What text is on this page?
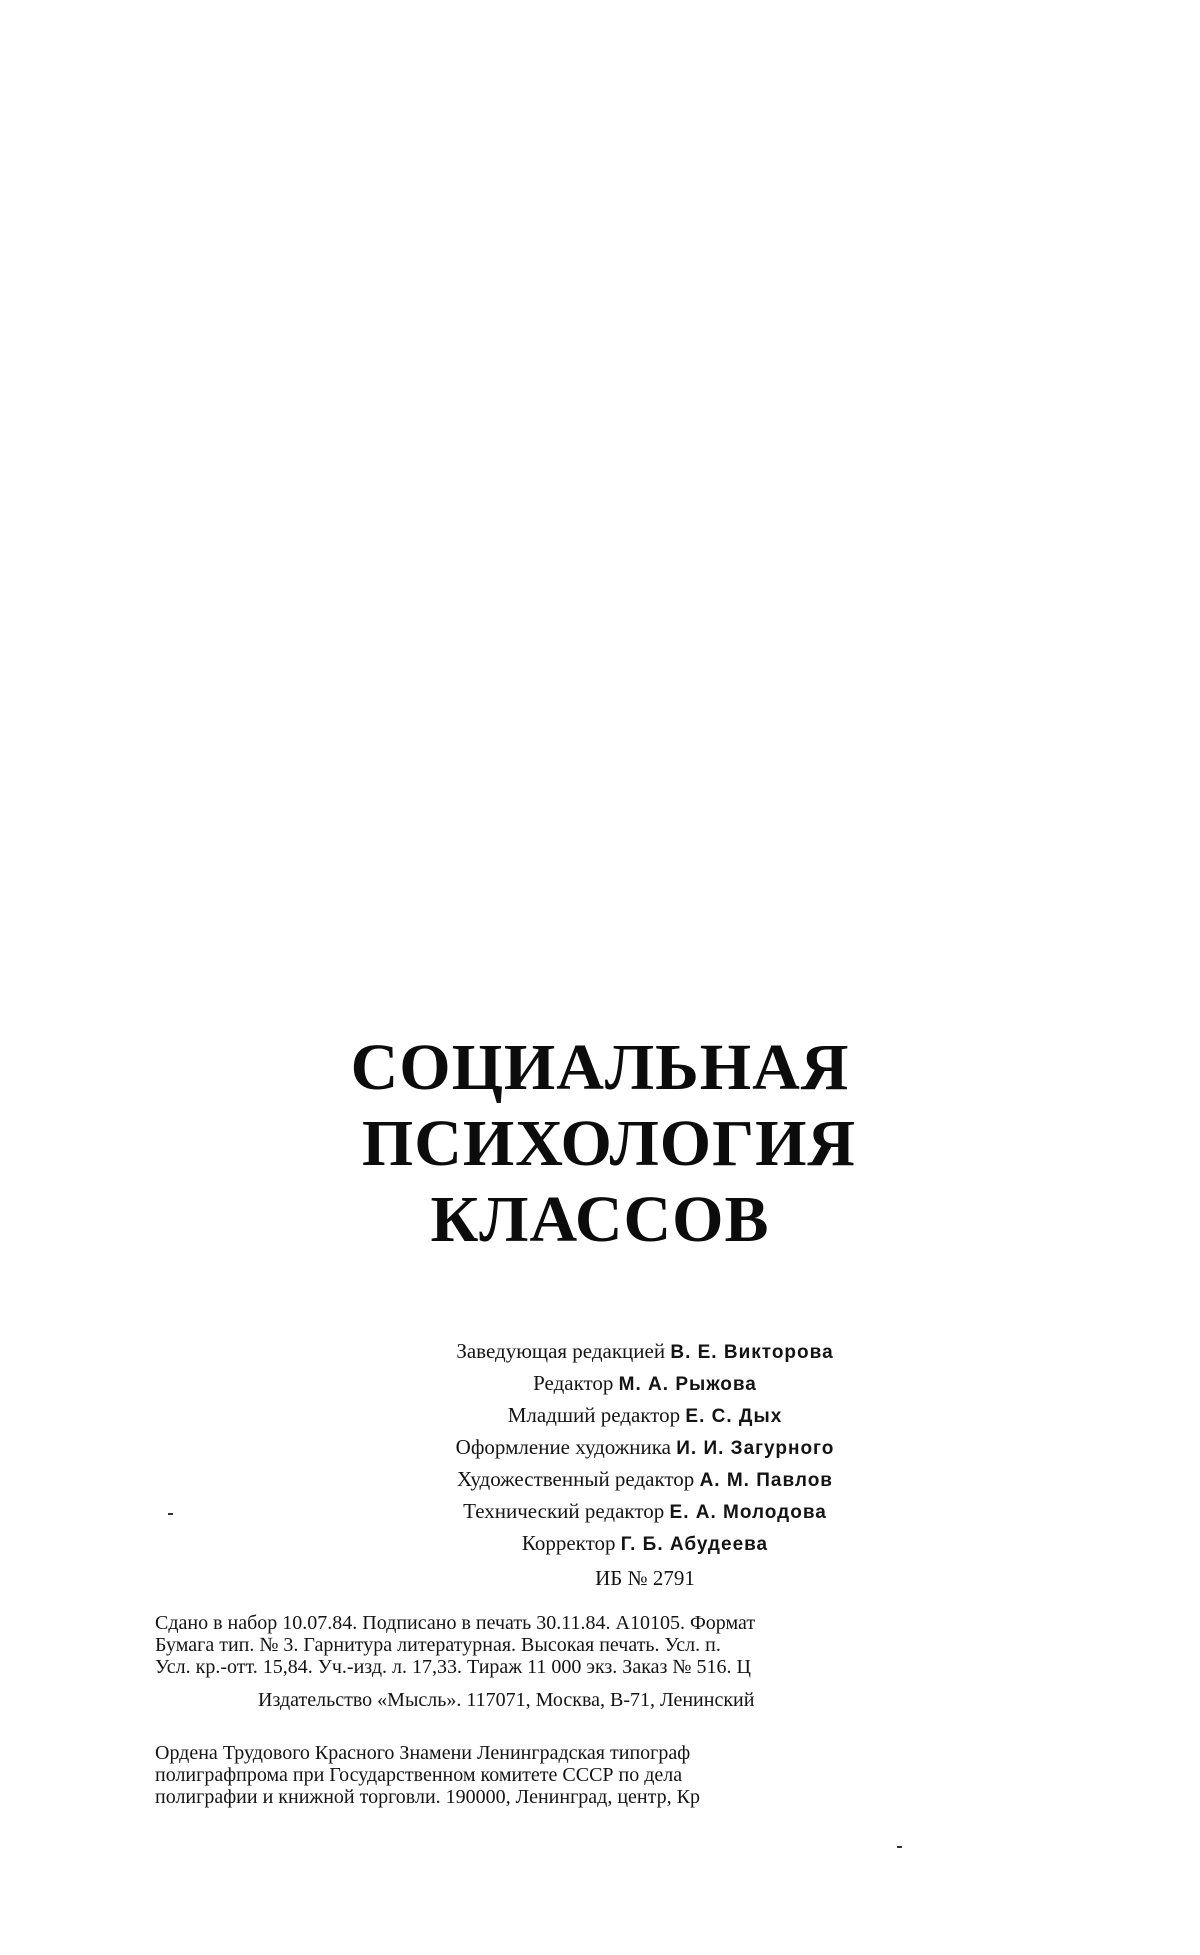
СОЦИАЛЬНАЯ
ПСИХОЛОГИЯ
КЛАССОВ
Заведующая редакцией В. Е. Викторова
Редактор М. А. Рыжова
Младший редактор Е. С. Дых
Оформление художника И. И. Загурного
Художественный редактор А. М. Павлов
Технический редактор Е. А. Молодова
Корректор Г. Б. Абудеева
ИБ № 2791
Сдано в набор 10.07.84. Подписано в печать 30.11.84. А10105. Формат
Бумага тип. № 3. Гарнитура литературная. Высокая печать. Усл. п.
Усл. кр.-отт. 15,84. Уч.-изд. л. 17,33. Тираж 11 000 экз. Заказ № 516. Ц
Издательство «Мысль». 117071, Москва, В-71, Ленинский
Ордена Трудового Красного Знамени Ленинградская типограф
полиграфпрома при Государственном комитете СССР по дела
полиграфии и книжной торговли. 190000, Ленинград, центр, Кр
